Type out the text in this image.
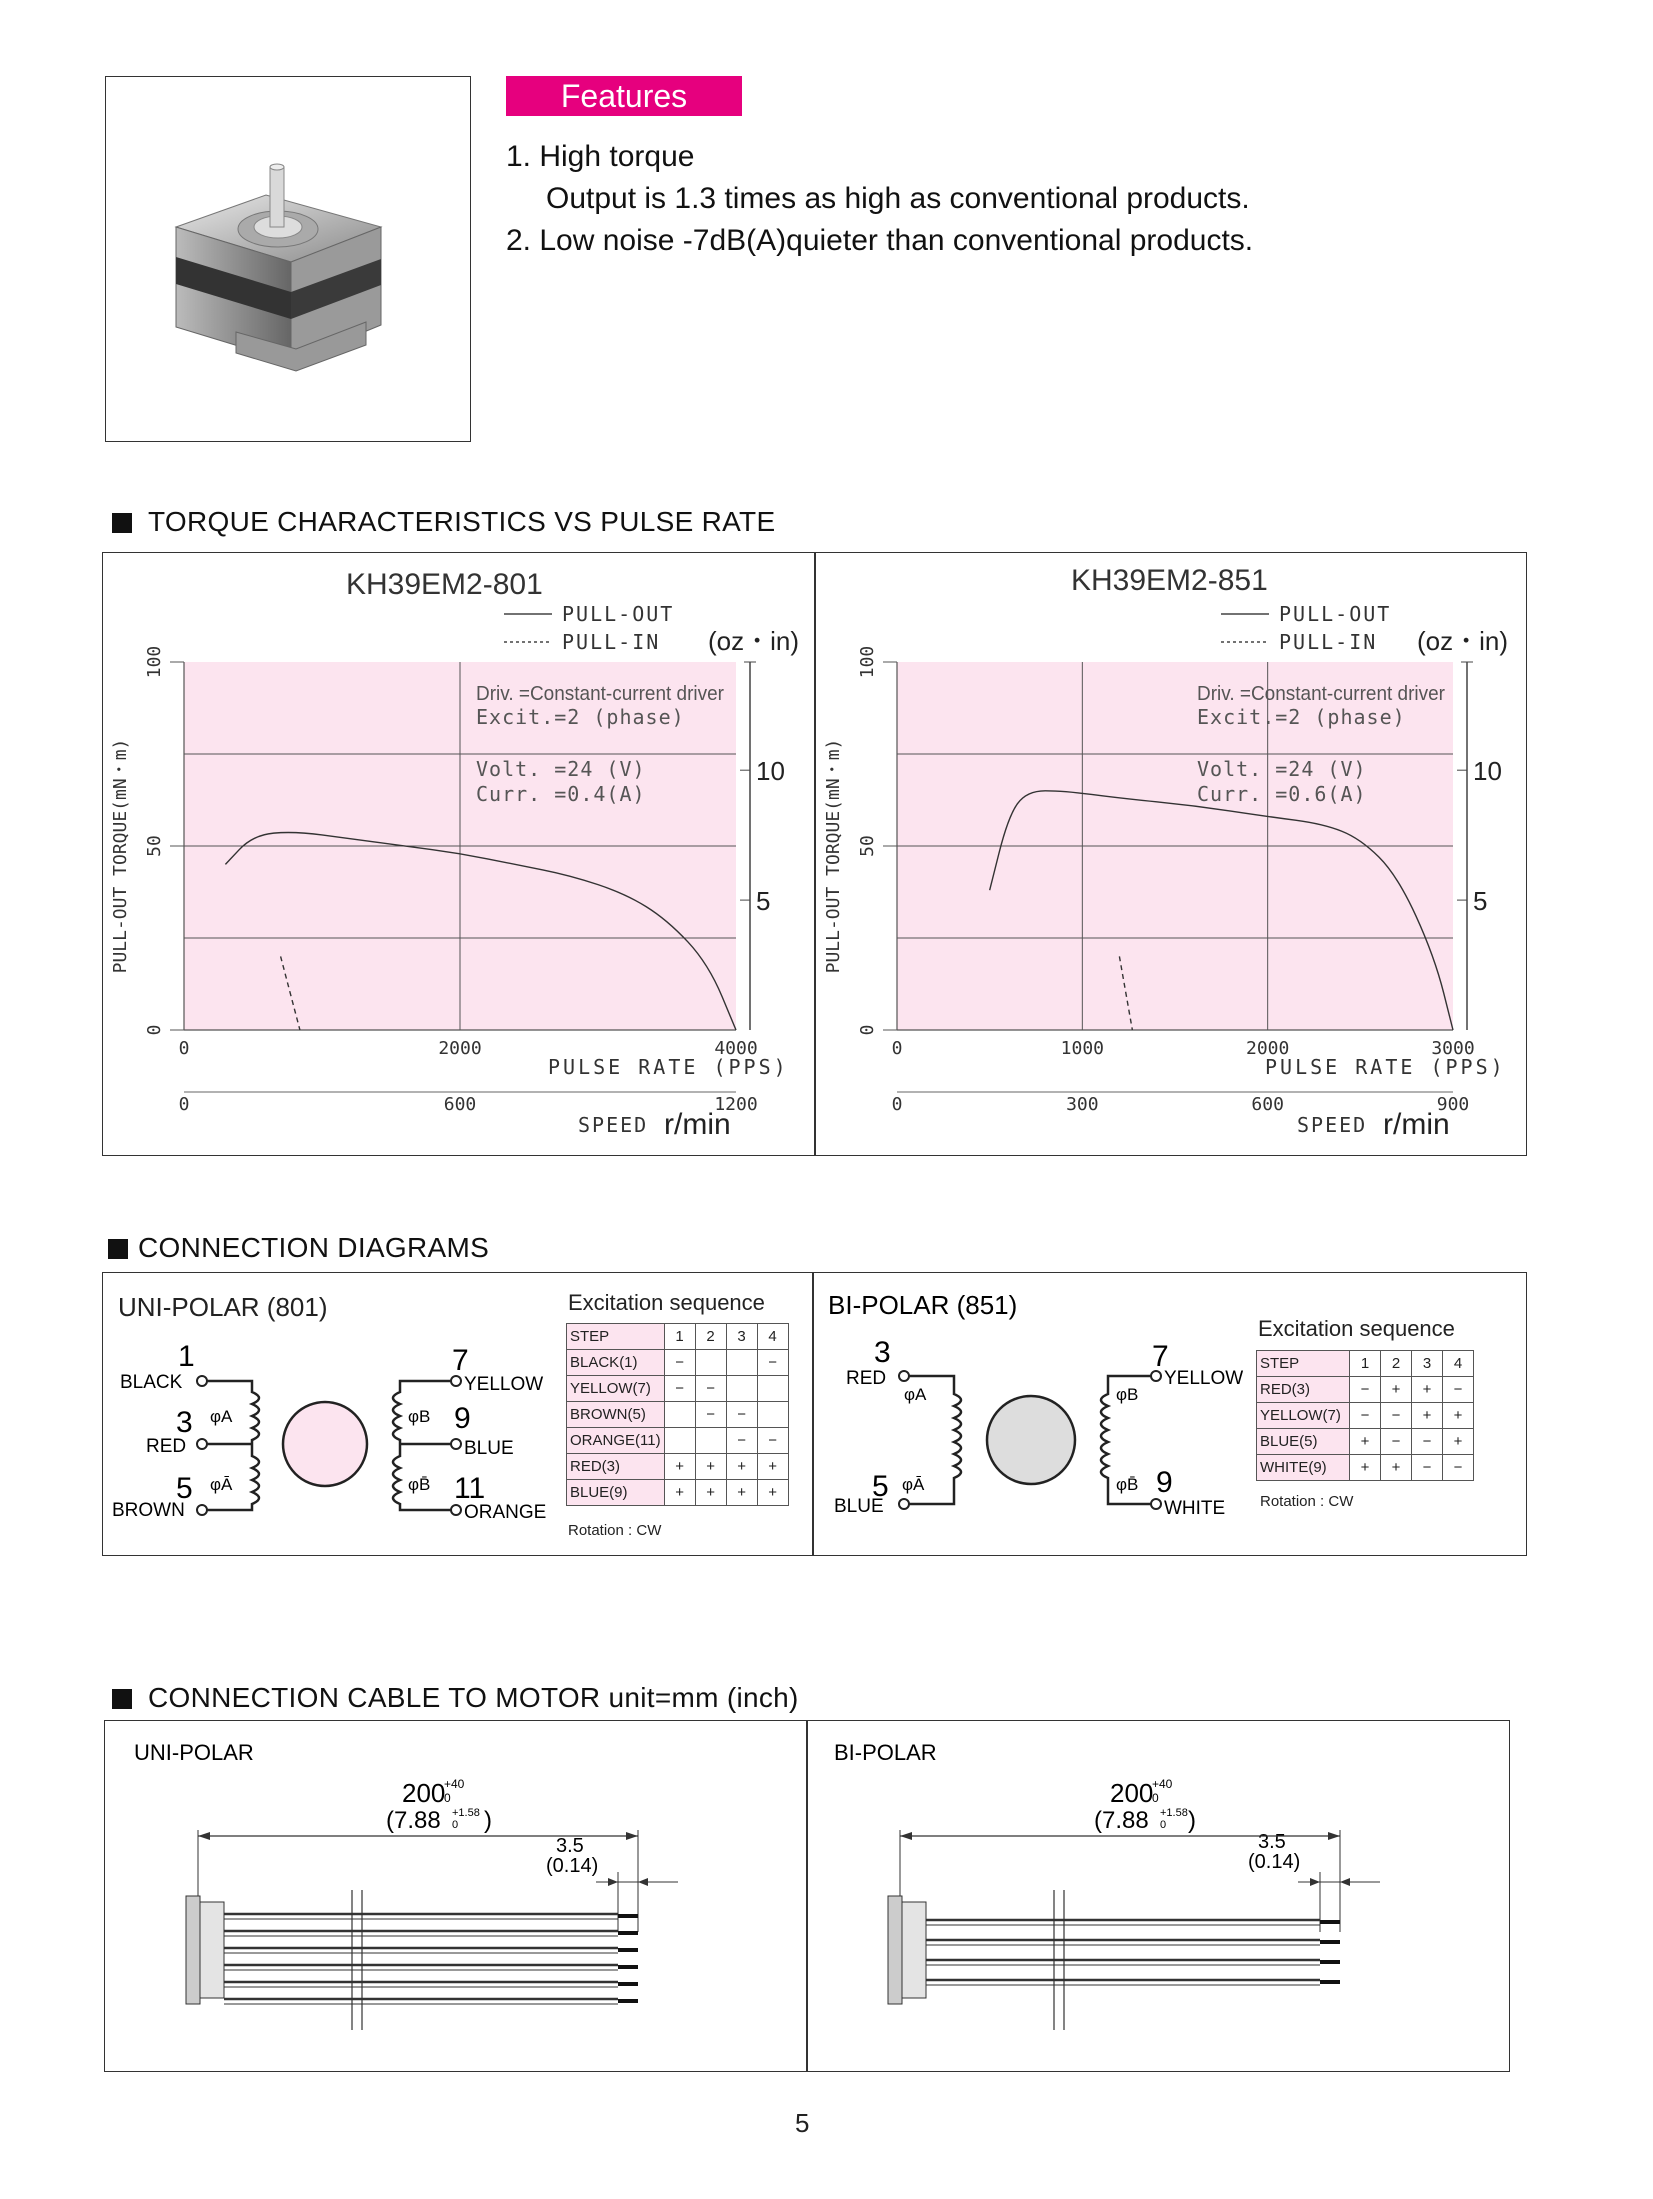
Features
1. High torque
Output is 1.3 times as high as conventional products.
2. Low noise -7dB(A)quieter than conventional products.
TORQUE CHARACTERISTICS VS PULSE RATE
KH39EM2-801
PULL-OUT
PULL-IN (oz・in)
0
50
100
PULL-OUT TORQUE(mN・m)	5
10
0	2000	4000
PULSE RATE (PPS)
0	600	1200
SPEED r/min
Driv. =Constant-current driver
Excit.=2 (phase)
Volt. =24 (V)
Curr. =0.4(A)
KH39EM2-851
PULL-OUT
PULL-IN (oz・in)
0
50
100
PULL-OUT TORQUE(mN・m)	5
10
0	1000	2000	3000
PULSE RATE (PPS)
0	300	600	900
SPEED r/min
Driv. =Constant-current driver
Excit.=2 (phase)
Volt. =24 (V)
Curr. =0.6(A)
CONNECTION DIAGRAMS
UNI-POLAR (801)
1
BLACK
3
RED
φA
5
BROWN
φĀ
7
YELLOW
φB 9
BLUE
φB̄ 11
ORANGE
Excitation sequence
STEP	1	2	3	4
BLACK(1)	−			−
YELLOW(7)	−	−		
BROWN(5)		−	−	
ORANGE(11)			−	−
RED(3)	+	+	+	+
BLUE(9)	+	+	+	+
Rotation : CW
BI-POLAR (851)
3
RED
φA
5 φĀ
BLUE
7
YELLOW
φB
φB̄ 9
WHITE
Excitation sequence
STEP	1	2	3	4
RED(3)	−	+	+	−
YELLOW(7)	−	−	+	+
BLUE(5)	+	−	−	+
WHITE(9)	+	+	−	−
Rotation : CW
CONNECTION CABLE TO MOTOR unit=mm (inch)
UNI-POLAR
200
+40
0
(7.88 +1.58
0 )
3.5
(0.14)
BI-POLAR
200
+40
0
(7.88 +1.58
0 )
3.5
(0.14)
5
